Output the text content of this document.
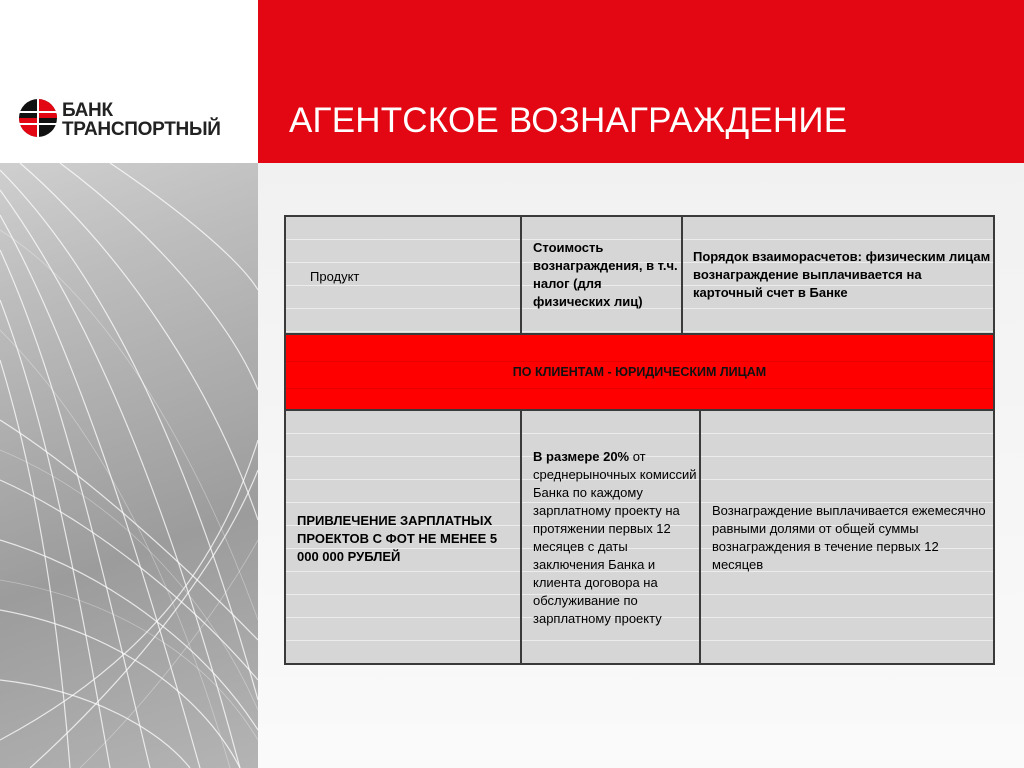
БАНК
ТРАНСПОРТНЫЙ АГЕНТСКОЕ ВОЗНАГРАЖДЕНИЕ
Продукт
Стоимость вознаграждения, в т.ч. налог (для физических лиц)
Порядок взаиморасчетов: физическим лицам вознаграждение выплачивается на карточный счет в Банке
ПО КЛИЕНТАМ - ЮРИДИЧЕСКИМ ЛИЦАМ
ПРИВЛЕЧЕНИЕ ЗАРПЛАТНЫХ ПРОЕКТОВ С ФОТ НЕ МЕНЕЕ 5 000 000 РУБЛЕЙ
В размере 20% от среднерыночных комиссий Банка по каждому зарплатному проекту на протяжении первых 12 месяцев с даты заключения Банка и клиента договора на обслуживание по зарплатному проекту
Вознаграждение выплачивается ежемесячно равными долями от общей суммы вознаграждения в течение первых 12 месяцев
